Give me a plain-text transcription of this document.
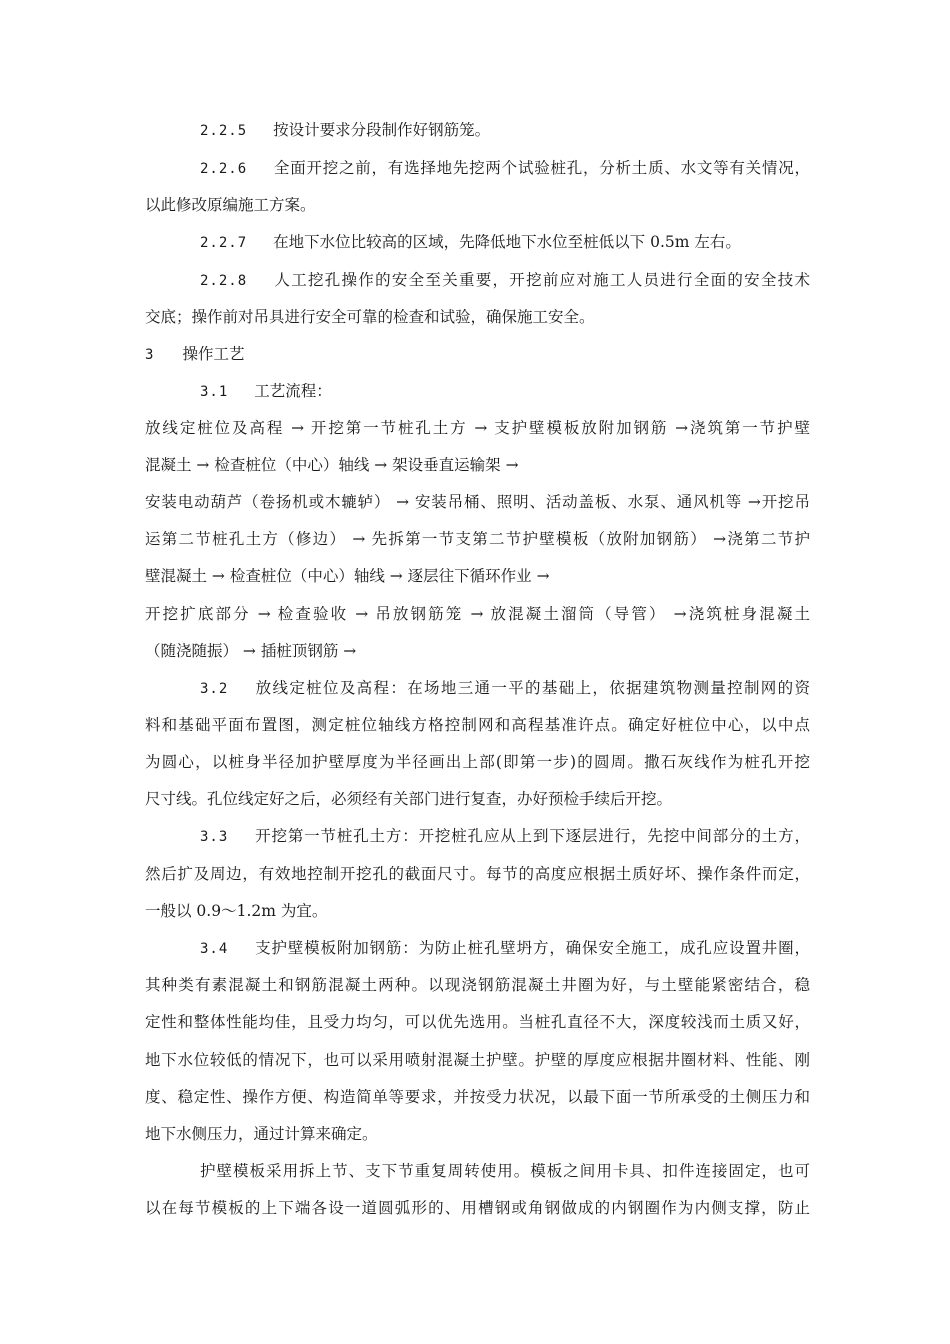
2.2.5 按设计要求分段制作好钢筋笼。
2.2.6 全面开挖之前，有选择地先挖两个试验桩孔，分析土质、水文等有关情况，
以此修改原编施工方案。
2.2.7 在地下水位比较高的区域，先降低地下水位至桩低以下 0.5m 左右。
2.2.8 人工挖孔操作的安全至关重要，开挖前应对施工人员进行全面的安全技术
交底；操作前对吊具进行安全可靠的检查和试验，确保施工安全。
3 操作工艺
3.1 工艺流程：
放线定桩位及高程 → 开挖第一节桩孔土方 → 支护壁模板放附加钢筋 →浇筑第一节护壁
混凝土 → 检查桩位（中心）轴线 → 架设垂直运输架 →
安装电动葫芦（卷扬机或木辘轳） → 安装吊桶、照明、活动盖板、水泵、通风机等 →开挖吊
运第二节桩孔土方（修边） → 先拆第一节支第二节护壁模板（放附加钢筋） →浇第二节护
壁混凝土 → 检查桩位（中心）轴线 → 逐层往下循环作业 →
开挖扩底部分 → 检查验收 → 吊放钢筋笼 → 放混凝土溜筒（导管） →浇筑桩身混凝土
（随浇随振） → 插桩顶钢筋 →
3.2 放线定桩位及高程：在场地三通一平的基础上，依据建筑物测量控制网的资
料和基础平面布置图，测定桩位轴线方格控制网和高程基准许点。确定好桩位中心，以中点
为圆心，以桩身半径加护壁厚度为半径画出上部(即第一步)的圆周。撒石灰线作为桩孔开挖
尺寸线。孔位线定好之后，必须经有关部门进行复查，办好预检手续后开挖。
3.3 开挖第一节桩孔土方：开挖桩孔应从上到下逐层进行，先挖中间部分的土方，
然后扩及周边，有效地控制开挖孔的截面尺寸。每节的高度应根据土质好坏、操作条件而定，
一般以 0.9～1.2m 为宜。
3.4 支护壁模板附加钢筋：为防止桩孔壁坍方，确保安全施工，成孔应设置井圈，
其种类有素混凝土和钢筋混凝土两种。以现浇钢筋混凝土井圈为好，与土壁能紧密结合，稳
定性和整体性能均佳，且受力均匀，可以优先选用。当桩孔直径不大，深度较浅而土质又好，
地下水位较低的情况下，也可以采用喷射混凝土护壁。护壁的厚度应根据井圈材料、性能、刚
度、稳定性、操作方便、构造简单等要求，并按受力状况，以最下面一节所承受的土侧压力和
地下水侧压力，通过计算来确定。
护壁模板采用拆上节、支下节重复周转使用。模板之间用卡具、扣件连接固定，也可
以在每节模板的上下端各设一道圆弧形的、用槽钢或角钢做成的内钢圈作为内侧支撑，防止
